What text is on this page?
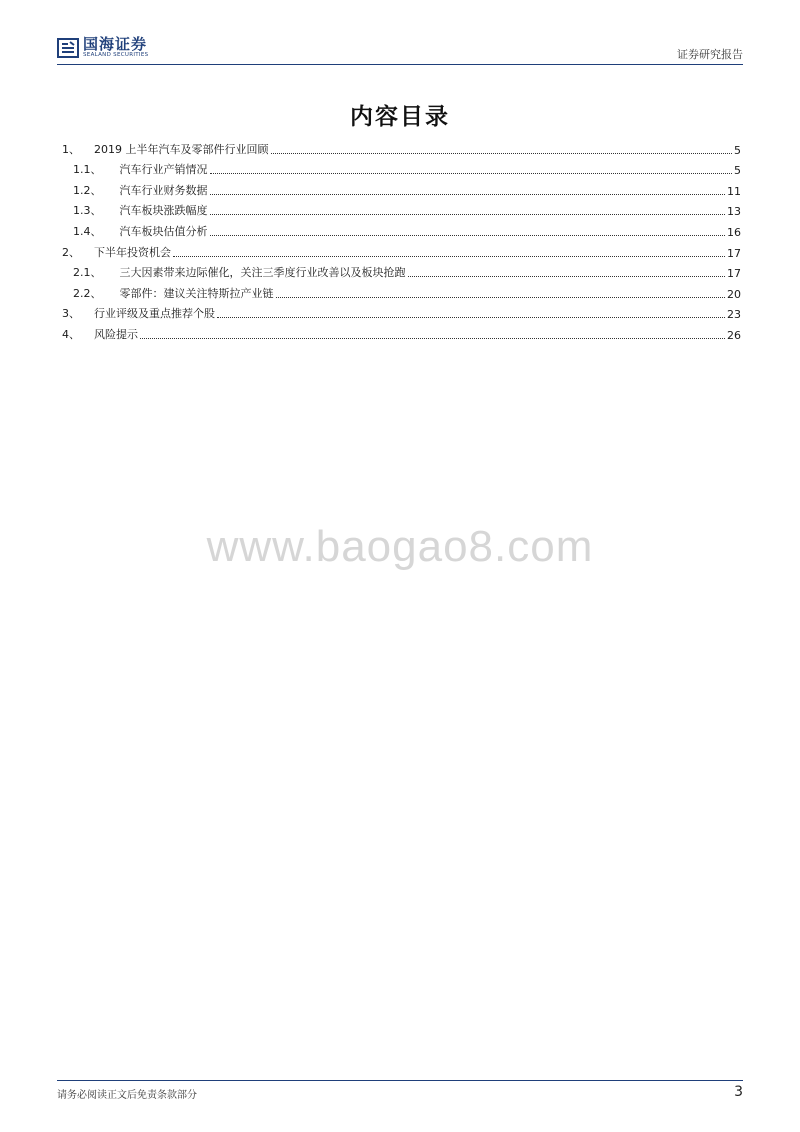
国海证券
SEALAND SECURITIES	证券研究报告
内容目录
1、 2019 上半年汽车及零部件行业回顾	5
1.1、 汽车行业产销情况	5
1.2、 汽车行业财务数据	11
1.3、 汽车板块涨跌幅度	13
1.4、 汽车板块估值分析	16
2、 下半年投资机会	17
2.1、 三大因素带来边际催化，关注三季度行业改善以及板块抢跑	17
2.2、 零部件：建议关注特斯拉产业链	20
3、 行业评级及重点推荐个股	23
4、 风险提示	26
www.baogao8.com
请务必阅读正文后免责条款部分	3
